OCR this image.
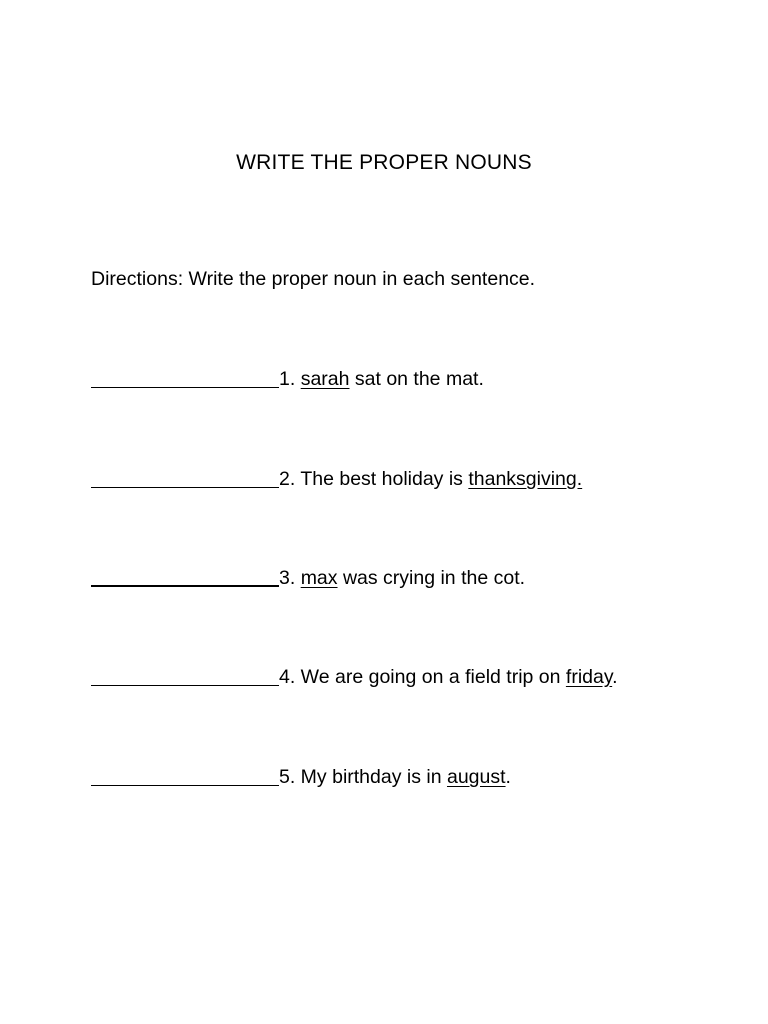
WRITE THE PROPER NOUNS
Directions: Write the proper noun in each sentence.
1. sarah sat on the mat.
2. The best holiday is thanksgiving.
3. max was crying in the cot.
4. We are going on a field trip on friday.
5. My birthday is in august.
